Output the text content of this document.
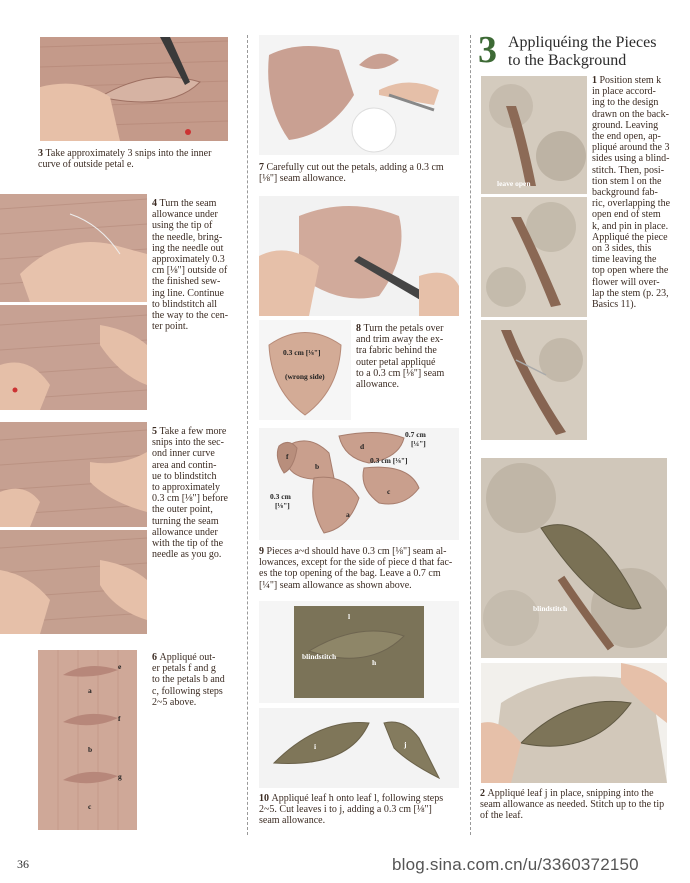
e
a
f
b
g
c
3 Take approximately 3 snips into the inner
curve of outside petal e.
4 Turn the seam
allowance under
using the tip of
the needle, bring-
ing the needle out
approximately 0.3
cm [⅛"] outside of
the finished sew-
ing line. Continue
to blindstitch all
the way to the cen-
ter point.
5 Take a few more
snips into the sec-
ond inner curve
area and contin-
ue to blindstitch
to approximately
0.3 cm [⅛"] before
the outer point,
turning the seam
allowance under
with the tip of the
needle as you go.
6 Appliqué out-
er petals f and g
to the petals b and
c, following steps
2~5 above.
7 Carefully cut out the petals, adding a 0.3 cm
[⅛"] seam allowance.
0.3 cm [⅛"]
(wrong side)
8 Turn the petals over
and trim away the ex-
tra fabric behind the
outer petal appliqué
to a 0.3 cm [⅛"] seam
allowance.
f
b
d
c
a
0.7 cm
[¼"]
0.3 cm [⅛"]
0.3 cm
[⅛"]
9 Pieces a~d should have 0.3 cm [⅛"] seam al-
lowances, except for the side of piece d that fac-
es the top opening of the bag. Leave a 0.7 cm
[¼"] seam allowance as shown above.
blindstitch
h
l
i	j
10 Appliqué leaf h onto leaf l, following steps
2~5. Cut leaves i to j, adding a 0.3 cm [⅛"]
seam allowance.
3 Appliquéing the Pieces
to the Background
leave open
1 Position stem k
in place accord-
ing to the design
drawn on the back-
ground. Leaving
the end open, ap-
pliqué around the 3
sides using a blind-
stitch. Then, posi-
tion stem l on the
background fab-
ric, overlapping the
open end of stem
k, and pin in place.
Appliqué the piece
on 3 sides, this
time leaving the
top open where the
flower will over-
lap the stem (p. 23,
Basics 11).
blindstitch
2 Appliqué leaf j in place, snipping into the
seam allowance as needed. Stitch up to the tip
of the leaf.
36	blog.sina.com.cn/u/3360372150
